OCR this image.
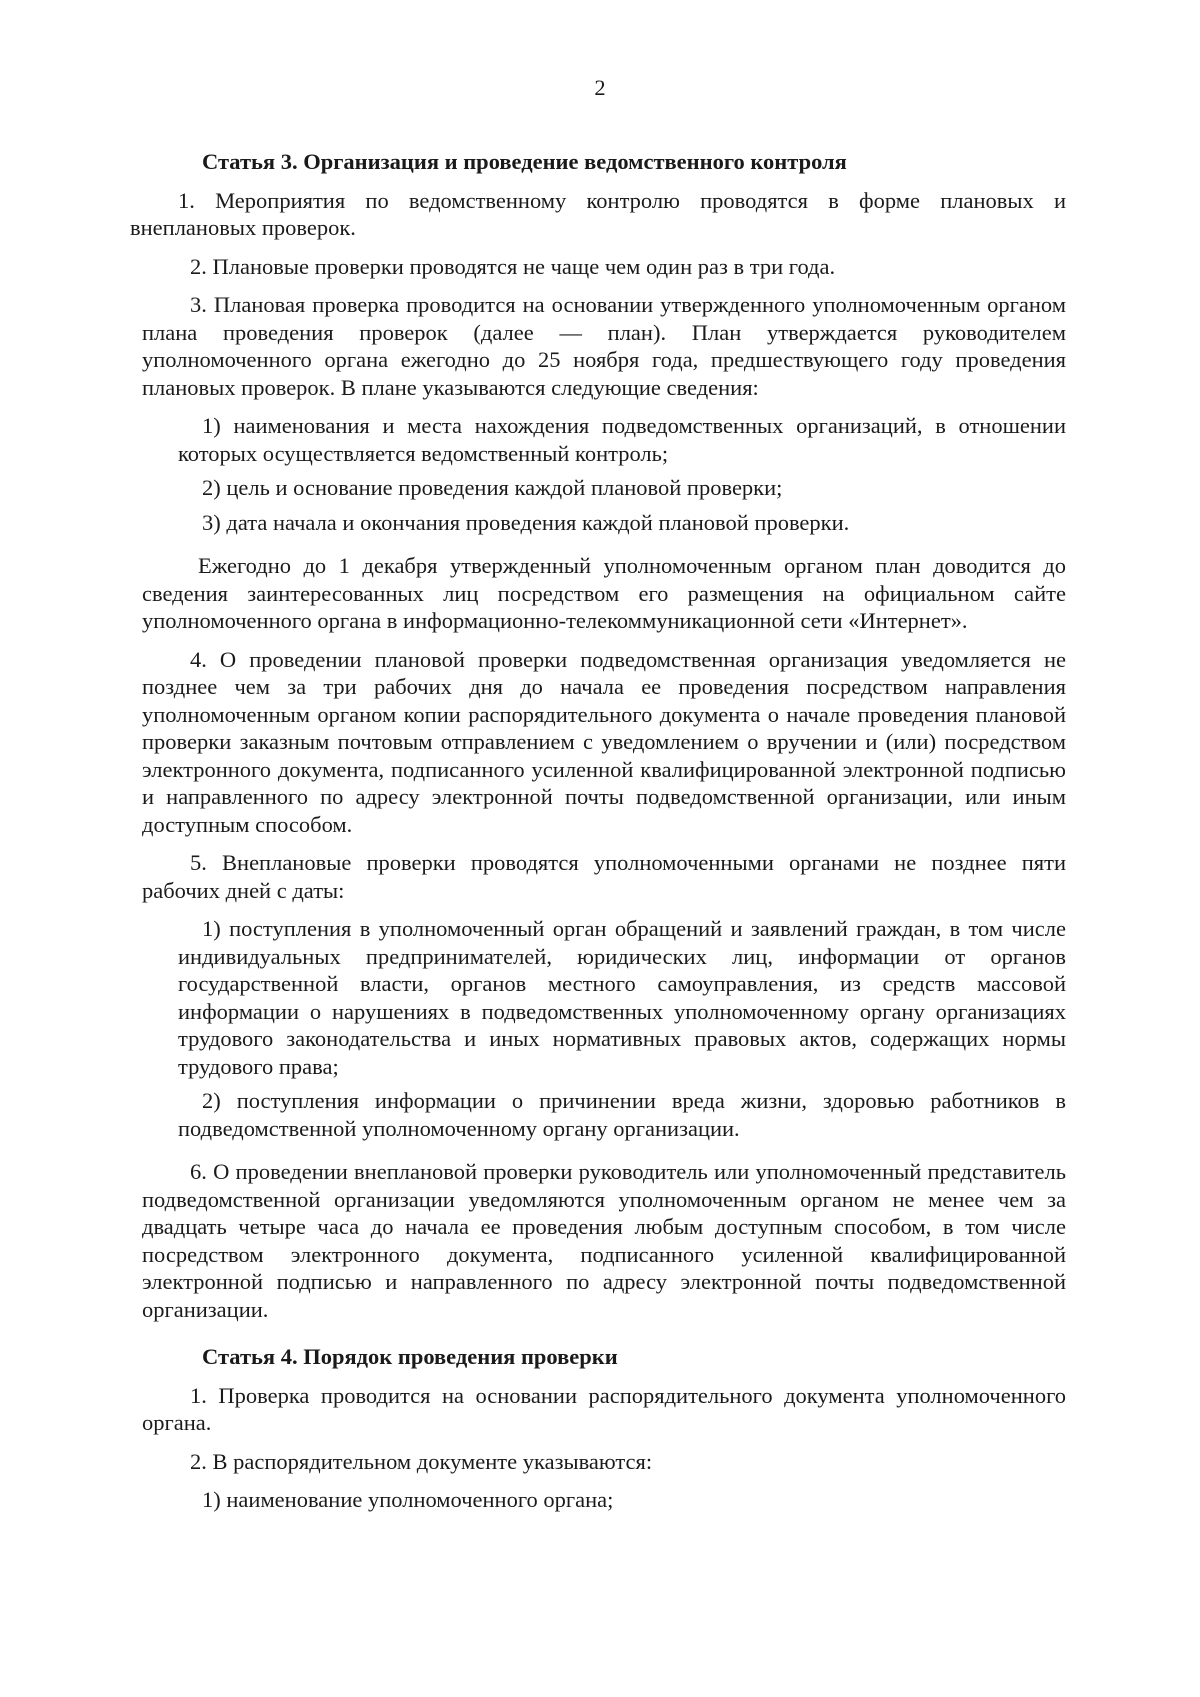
2
Статья 3. Организация и проведение ведомственного контроля
1. Мероприятия по ведомственному контролю проводятся в форме плановых и внеплановых проверок.
2. Плановые проверки проводятся не чаще чем один раз в три года.
3. Плановая проверка проводится на основании утвержденного уполномоченным органом плана проведения проверок (далее — план). План утверждается руководителем уполномоченного органа ежегодно до 25 ноября года, предшествующего году проведения плановых проверок. В плане указываются следующие сведения:
1) наименования и места нахождения подведомственных организаций, в отношении которых осуществляется ведомственный контроль;
2) цель и основание проведения каждой плановой проверки;
3) дата начала и окончания проведения каждой плановой проверки.
Ежегодно до 1 декабря утвержденный уполномоченным органом план доводится до сведения заинтересованных лиц посредством его размещения на официальном сайте уполномоченного органа в информационно-телекоммуникационной сети «Интернет».
4. О проведении плановой проверки подведомственная организация уведомляется не позднее чем за три рабочих дня до начала ее проведения посредством направления уполномоченным органом копии распорядительного документа о начале проведения плановой проверки заказным почтовым отправлением с уведомлением о вручении и (или) посредством электронного документа, подписанного усиленной квалифицированной электронной подписью и направленного по адресу электронной почты подведомственной организации, или иным доступным способом.
5. Внеплановые проверки проводятся уполномоченными органами не позднее пяти рабочих дней с даты:
1) поступления в уполномоченный орган обращений и заявлений граждан, в том числе индивидуальных предпринимателей, юридических лиц, информации от органов государственной власти, органов местного самоуправления, из средств массовой информации о нарушениях в подведомственных уполномоченному органу организациях трудового законодательства и иных нормативных правовых актов, содержащих нормы трудового права;
2) поступления информации о причинении вреда жизни, здоровью работников в подведомственной уполномоченному органу организации.
6. О проведении внеплановой проверки руководитель или уполномоченный представитель подведомственной организации уведомляются уполномоченным органом не менее чем за двадцать четыре часа до начала ее проведения любым доступным способом, в том числе посредством электронного документа, подписанного усиленной квалифицированной электронной подписью и направленного по адресу электронной почты подведомственной организации.
Статья 4. Порядок проведения проверки
1. Проверка проводится на основании распорядительного документа уполномоченного органа.
2. В распорядительном документе указываются:
1) наименование уполномоченного органа;
